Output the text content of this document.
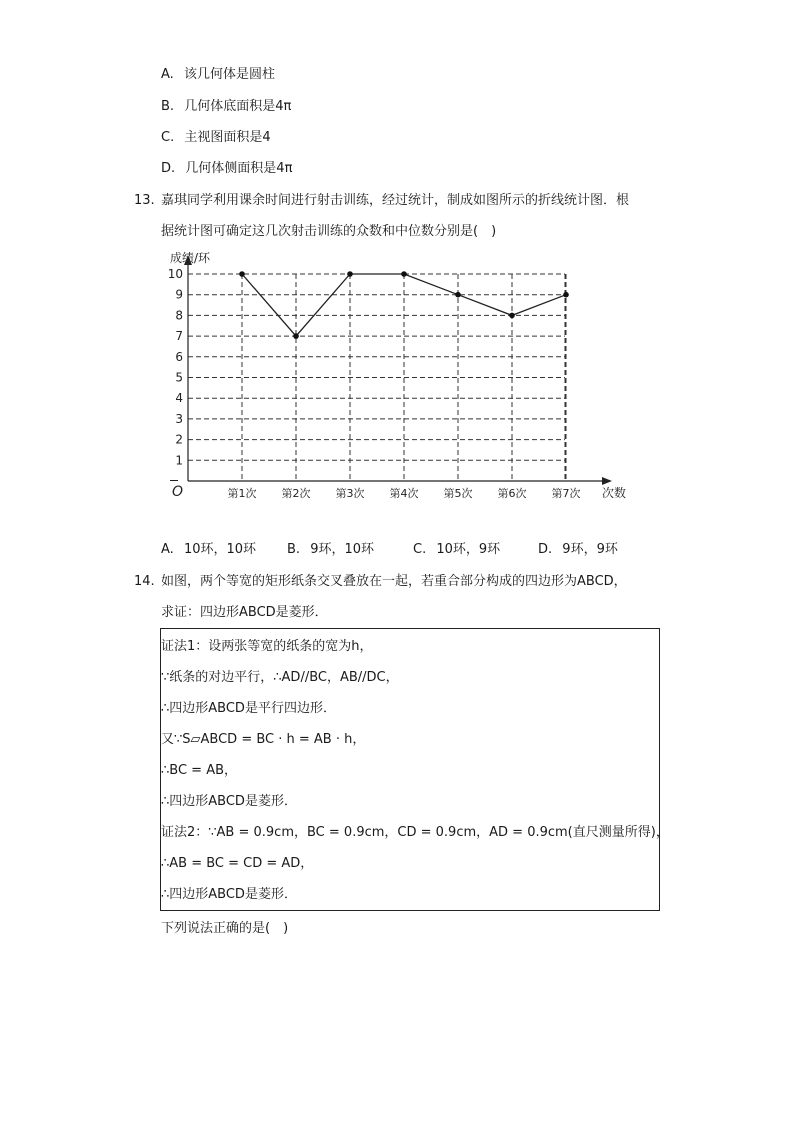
A. 该几何体是圆柱
B. 几何体底面积是4π
C. 主视图面积是4
D. 几何体侧面积是4π
13. 嘉琪同学利用课余时间进行射击训练，经过统计，制成如图所示的折线统计图．根
据统计图可确定这几次射击训练的众数和中位数分别是(　)
1
2
3
4
5
6
7
8
9
10
第1次 第2次 第3次 第4次 第5次 第6次 第7次
成绩/环
次数
O
A. 10环，10环 B. 9环，10环	C. 10环，9环	D. 9环，9环
14. 如图，两个等宽的矩形纸条交叉叠放在一起，若重合部分构成的四边形为ABCD，
求证：四边形ABCD是菱形．
证法1：设两张等宽的纸条的宽为h，
∵纸条的对边平行，∴AD//BC，AB//DC，
∴四边形ABCD是平行四边形．
又∵S▱ABCD = BC · h = AB · h，
∴BC = AB，
∴四边形ABCD是菱形．
证法2：∵AB = 0.9cm，BC = 0.9cm，CD = 0.9cm，AD = 0.9cm(直尺测量所得)，
∴AB = BC = CD = AD，
∴四边形ABCD是菱形．
下列说法正确的是(　)
